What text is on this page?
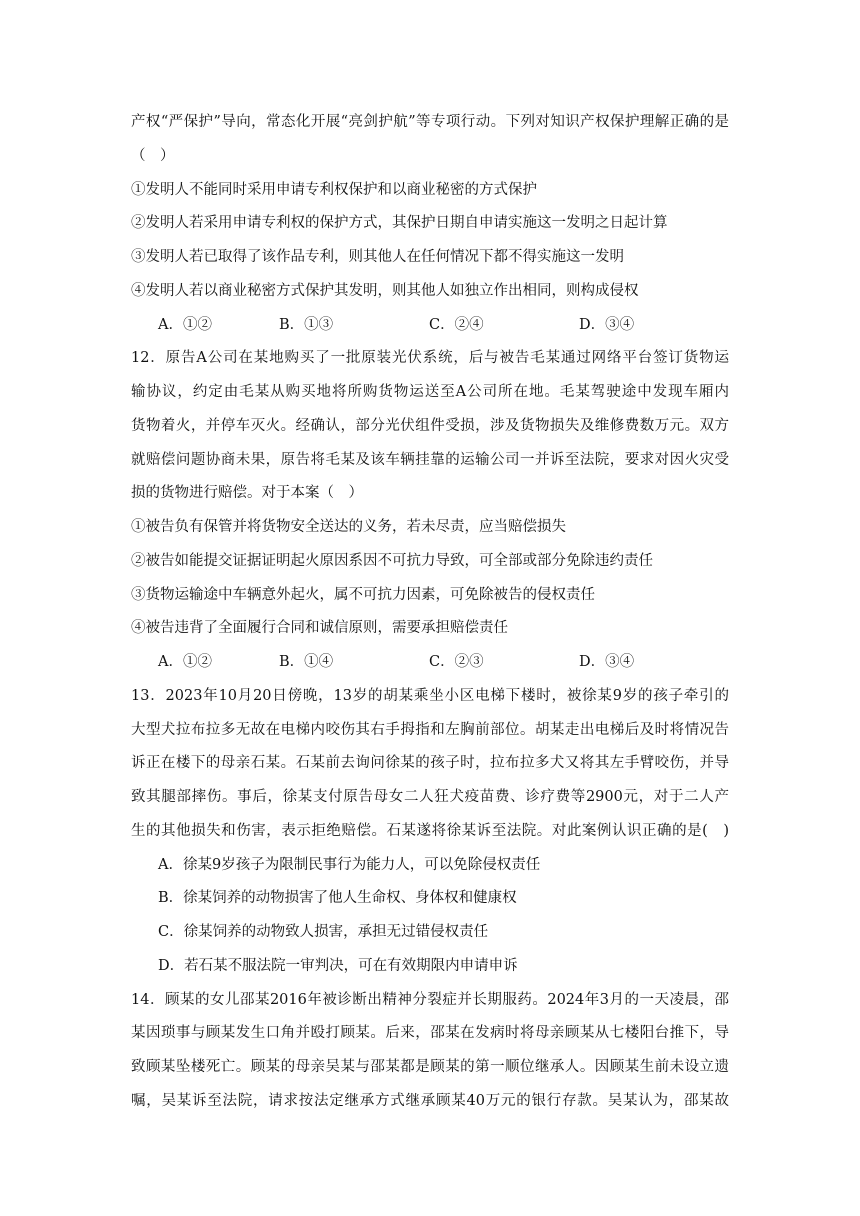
产权“严保护”导向，常态化开展“亮剑护航”等专项行动。下列对知识产权保护理解正确的是
（　）
①发明人不能同时采用申请专利权保护和以商业秘密的方式保护
②发明人若采用申请专利权的保护方式，其保护日期自申请实施这一发明之日起计算
③发明人若已取得了该作品专利，则其他人在任何情况下都不得实施这一发明
④发明人若以商业秘密方式保护其发明，则其他人如独立作出相同，则构成侵权
A．①②	B．①③	C．②④	D．③④
12．原告A公司在某地购买了一批原装光伏系统，后与被告毛某通过网络平台签订货物运
输协议，约定由毛某从购买地将所购货物运送至A公司所在地。毛某驾驶途中发现车厢内
货物着火，并停车灭火。经确认，部分光伏组件受损，涉及货物损失及维修费数万元。双方
就赔偿问题协商未果，原告将毛某及该车辆挂靠的运输公司一并诉至法院，要求对因火灾受
损的货物进行赔偿。对于本案（　）
①被告负有保管并将货物安全送达的义务，若未尽责，应当赔偿损失
②被告如能提交证据证明起火原因系因不可抗力导致，可全部或部分免除违约责任
③货物运输途中车辆意外起火，属不可抗力因素，可免除被告的侵权责任
④被告违背了全面履行合同和诚信原则，需要承担赔偿责任
A．①②	B．①④	C．②③	D．③④
13．2023年10月20日傍晚，13岁的胡某乘坐小区电梯下楼时，被徐某9岁的孩子牵引的
大型犬拉布拉多无故在电梯内咬伤其右手拇指和左胸前部位。胡某走出电梯后及时将情况告
诉正在楼下的母亲石某。石某前去询问徐某的孩子时，拉布拉多犬又将其左手臂咬伤，并导
致其腿部摔伤。事后，徐某支付原告母女二人狂犬疫苗费、诊疗费等2900元，对于二人产
生的其他损失和伤害，表示拒绝赔偿。石某遂将徐某诉至法院。对此案例认识正确的是(　)
A．徐某9岁孩子为限制民事行为能力人，可以免除侵权责任
B．徐某饲养的动物损害了他人生命权、身体权和健康权
C．徐某饲养的动物致人损害，承担无过错侵权责任
D．若石某不服法院一审判决，可在有效期限内申请申诉
14．顾某的女儿邵某2016年被诊断出精神分裂症并长期服药。2024年3月的一天凌晨，邵
某因琐事与顾某发生口角并殴打顾某。后来，邵某在发病时将母亲顾某从七楼阳台推下，导
致顾某坠楼死亡。顾某的母亲吴某与邵某都是顾某的第一顺位继承人。因顾某生前未设立遗
嘱，吴某诉至法院，请求按法定继承方式继承顾某40万元的银行存款。吴某认为，邵某故
